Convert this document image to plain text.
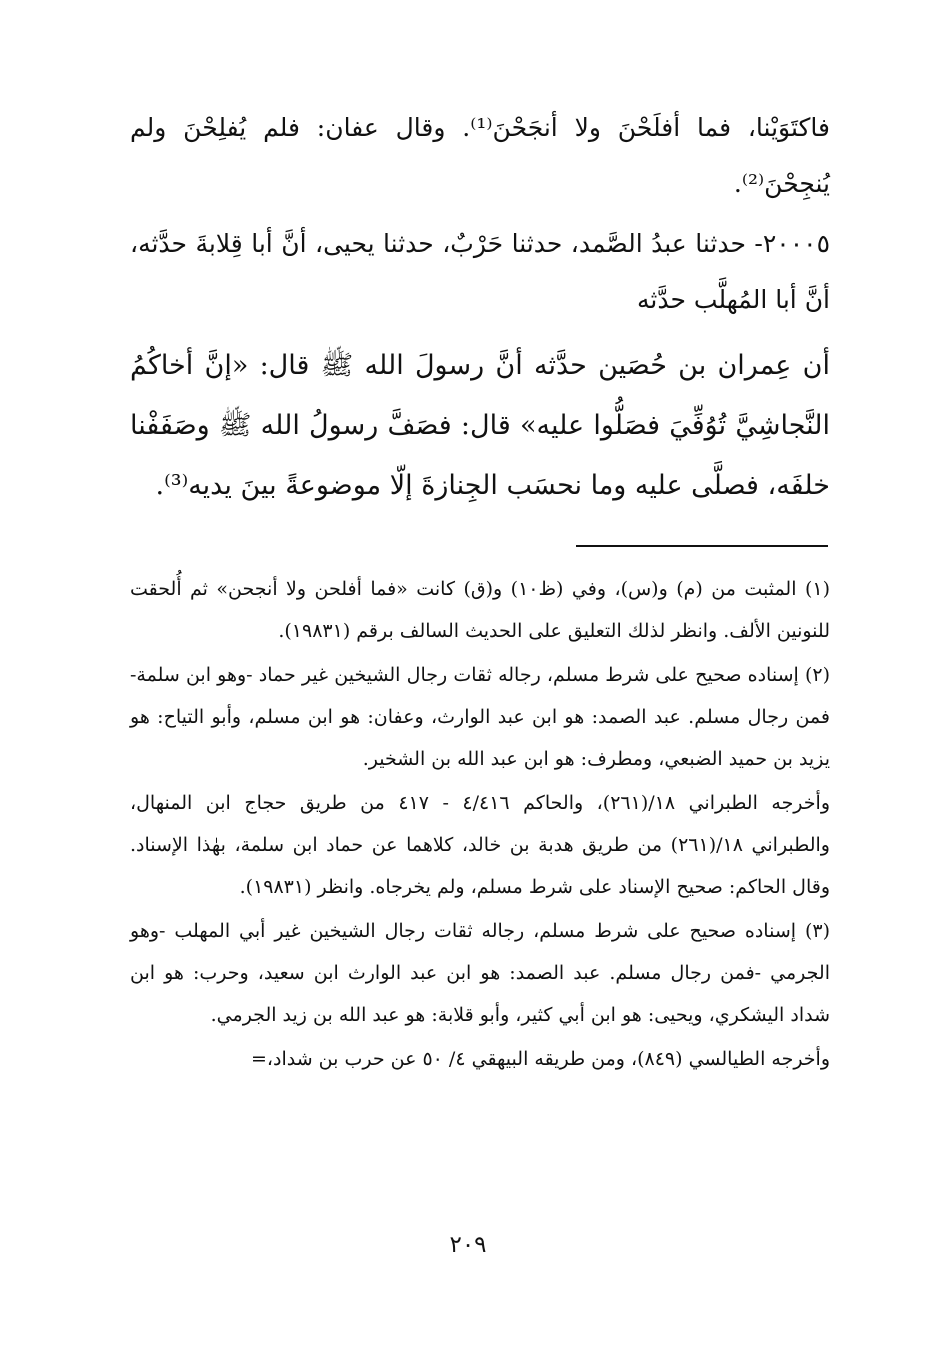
فاكتَوَيْنا، فما أفلَحْنَ ولا أنجَحْنَ⁽¹⁾. وقال عفان: فلم يُفلِحْنَ ولم يُنجِحْنَ⁽²⁾.

٢٠٠٠٥- حدثنا عبدُ الصَّمد، حدثنا حَرْبٌ، حدثنا يحيى، أنَّ أبا قِلابةَ حدَّثه، أنَّ أبا المُهلَّب حدَّثه

أن عِمران بن حُصَين حدَّثه أنَّ رسولَ الله ﷺ قال: «إنَّ أخاكُمُ النَّجاشِيَّ تُوُفِّيَ فصَلُّوا عليه» قال: فصَفَّ رسولُ الله ﷺ وصَفَفْنا خلفَه، فصلَّى عليه وما نحسَب الجِنازةَ إلّا موضوعةً بينَ يديه⁽³⁾.

(١) المثبت من (م) و(س)، وفي (ظ١٠) و(ق) كانت «فما أفلحن ولا أنجحن» ثم أُلحقت للنونين الألف. وانظر لذلك التعليق على الحديث السالف برقم (١٩٨٣١).

(٢) إسناده صحيح على شرط مسلم، رجاله ثقات رجال الشيخين غير حماد -وهو ابن سلمة- فمن رجال مسلم. عبد الصمد: هو ابن عبد الوارث، وعفان: هو ابن مسلم، وأبو التياح: هو يزيد بن حميد الضبعي، ومطرف: هو ابن عبد الله بن الشخير.

وأخرجه الطبراني ١٨/(٢٦١)، والحاكم ٤/٤١٦ - ٤١٧ من طريق حجاج ابن المنهال، والطبراني ١٨/(٢٦١) من طريق هدبة بن خالد، كلاهما عن حماد ابن سلمة، بهٰذا الإسناد. وقال الحاكم: صحيح الإسناد على شرط مسلم، ولم يخرجاه. وانظر (١٩٨٣١).

(٣) إسناده صحيح على شرط مسلم، رجاله ثقات رجال الشيخين غير أبي المهلب -وهو الجرمي -فمن رجال مسلم. عبد الصمد: هو ابن عبد الوارث ابن سعيد، وحرب: هو ابن شداد اليشكري، ويحيى: هو ابن أبي كثير، وأبو قلابة: هو عبد الله بن زيد الجرمي.

وأخرجه الطيالسي (٨٤٩)، ومن طريقه البيهقي ٤/ ٥٠ عن حرب بن شداد،=

٢٠٩
